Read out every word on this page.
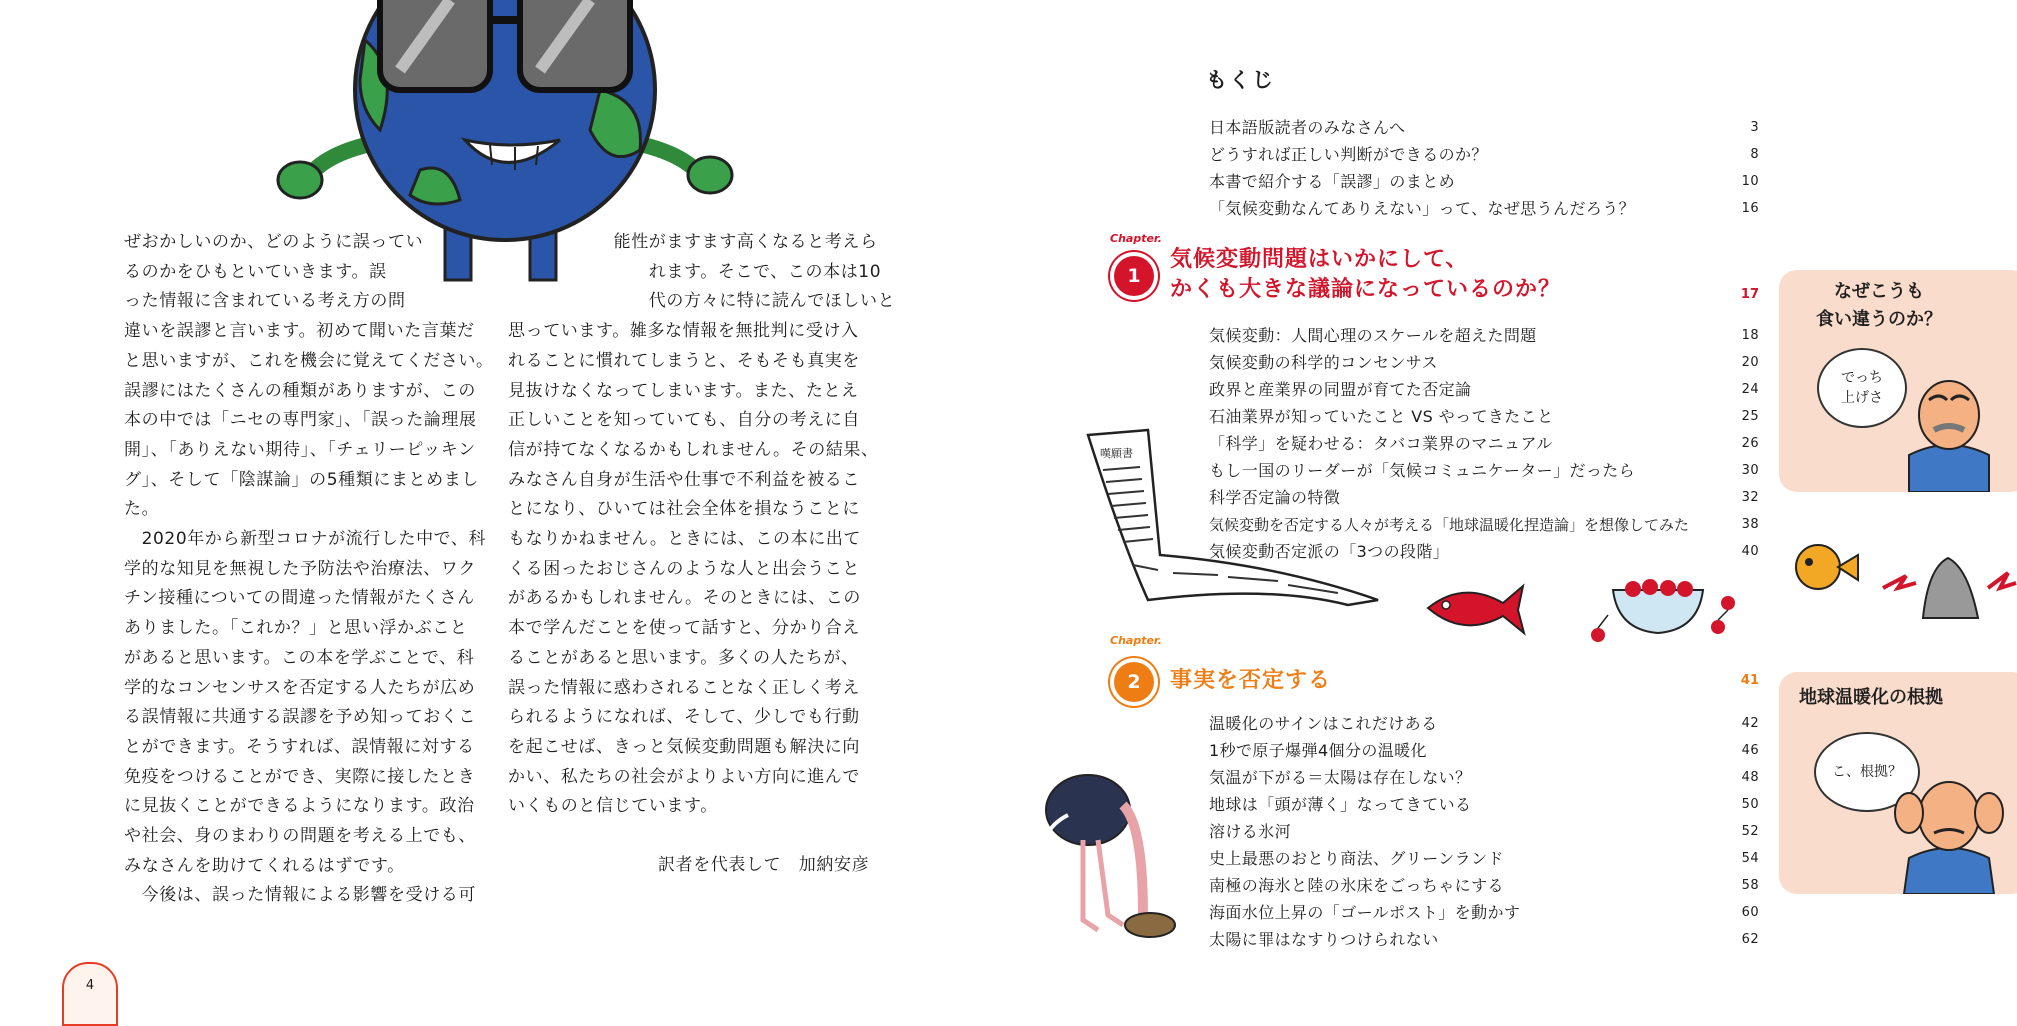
ぜおかしいのか、どのように誤ってい

るのかをひもといていきます。誤

った情報に含まれている考え方の問

違いを誤謬と言います。初めて聞いた言葉だ

と思いますが、これを機会に覚えてください。

誤謬にはたくさんの種類がありますが、この

本の中では「ニセの専門家」、「誤った論理展

開」、「ありえない期待」、「チェリーピッキン

グ」、そして「陰謀論」の5種類にまとめまし

た。

　2020年から新型コロナが流行した中で、科

学的な知見を無視した予防法や治療法、ワク

チン接種についての間違った情報がたくさん

ありました。「これか？」と思い浮かぶこと

があると思います。この本を学ぶことで、科

学的なコンセンサスを否定する人たちが広め

る誤情報に共通する誤謬を予め知っておくこ

とができます。そうすれば、誤情報に対する

免疫をつけることができ、実際に接したとき

に見抜くことができるようになります。政治

や社会、身のまわりの問題を考える上でも、

みなさんを助けてくれるはずです。

　今後は、誤った情報による影響を受ける可

　　　　　　能性がますます高くなると考えら

　　　　　　　　れます。そこで、この本は10

　　　　　　　　代の方々に特に読んでほしいと

思っています。雑多な情報を無批判に受け入

れることに慣れてしまうと、そもそも真実を

見抜けなくなってしまいます。また、たとえ

正しいことを知っていても、自分の考えに自

信が持てなくなるかもしれません。その結果、

みなさん自身が生活や仕事で不利益を被るこ

とになり、ひいては社会全体を損なうことに

もなりかねません。ときには、この本に出て

くる困ったおじさんのような人と出会うこと

があるかもしれません。そのときには、この

本で学んだことを使って話すと、分かり合え

ることがあると思います。多くの人たちが、

誤った情報に惑わされることなく正しく考え

られるようになれば、そして、少しでも行動

を起こせば、きっと気候変動問題も解決に向

かい、私たちの社会がよりよい方向に進んで

いくものと信じています。

訳者を代表して　加納安彦
4
もくじ
日本語版読者のみなさんへ	3
どうすれば正しい判断ができるのか？	8
本書で紹介する「誤謬」のまとめ	10
「気候変動なんてありえない」って、なぜ思うんだろう？	16
Chapter.
1
気候変動問題はいかにして、
かくも大きな議論になっているのか？	17
気候変動：人間心理のスケールを超えた問題	18
気候変動の科学的コンセンサス	20
政界と産業界の同盟が育てた否定論	24
石油業界が知っていたこと VS やってきたこと	25
「科学」を疑わせる：タバコ業界のマニュアル	26
もし一国のリーダーが「気候コミュニケーター」だったら	30
科学否定論の特徴	32
気候変動を否定する人々が考える「地球温暖化捏造論」を想像してみた	38
気候変動否定派の「3つの段階」	40
Chapter.
2	事実を否定する	41
温暖化のサインはこれだけある	42
1秒で原子爆弾4個分の温暖化	46
気温が下がる＝太陽は存在しない？	48
地球は「頭が薄く」なってきている	50
溶ける氷河	52
史上最悪のおとり商法、グリーンランド	54
南極の海氷と陸の氷床をごっちゃにする	58
海面水位上昇の「ゴールポスト」を動かす	60
太陽に罪はなすりつけられない	62
嘆願書
なぜこうも
食い違うのか？
でっち
上げさ
地球温暖化の根拠
こ、根拠？
